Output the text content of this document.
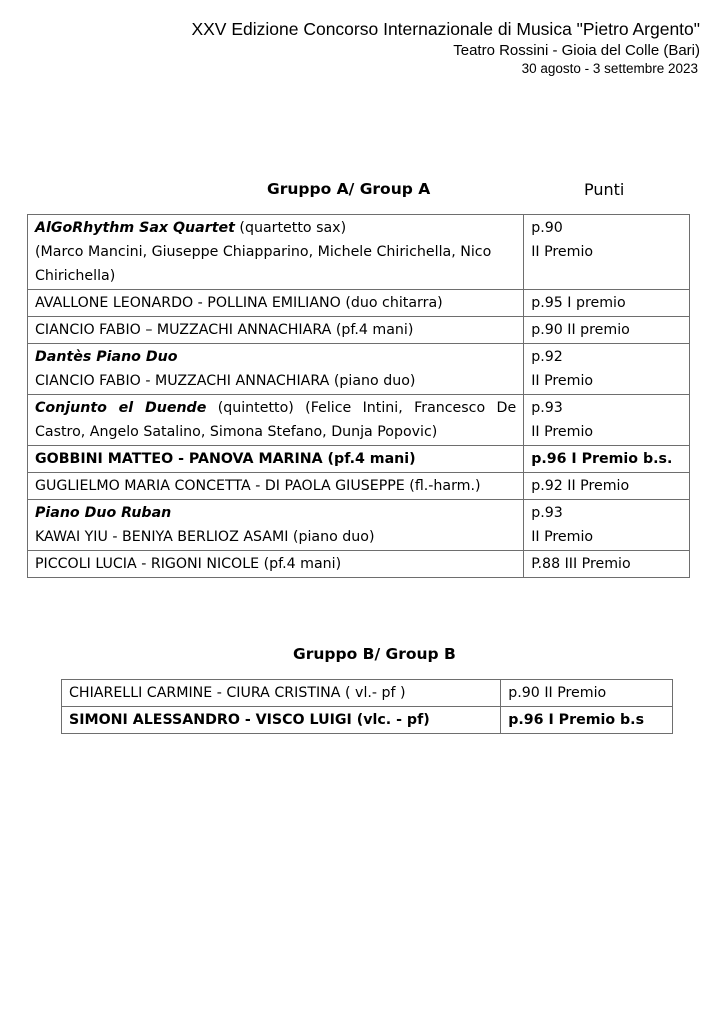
XXV Edizione Concorso Internazionale di Musica "Pietro Argento"
Teatro Rossini - Gioia del Colle (Bari)
30 agosto - 3 settembre 2023
Gruppo A/ Group A	Punti
AlGoRhythm Sax Quartet (quartetto sax)
(Marco Mancini, Giuseppe Chiapparino, Michele Chirichella, Nico Chirichella)	p.90
II Premio

AVALLONE LEONARDO - POLLINA EMILIANO (duo chitarra)	p.95 I premio
CIANCIO FABIO – MUZZACHI ANNACHIARA (pf.4 mani)	p.90 II premio

Dantès Piano Duo
CIANCIO FABIO - MUZZACHI ANNACHIARA (piano duo)	p.92
II Premio

Conjunto el Duende (quintetto) (Felice Intini, Francesco De Castro, Angelo Satalino, Simona Stefano, Dunja Popovic)	p.93
II Premio

GOBBINI MATTEO - PANOVA MARINA (pf.4 mani)	p.96 I Premio b.s.
GUGLIELMO MARIA CONCETTA - DI PAOLA GIUSEPPE (fl.-harm.)	p.92 II Premio

Piano Duo Ruban
KAWAI YIU - BENIYA BERLIOZ ASAMI (piano duo)	p.93
II Premio

PICCOLI LUCIA - RIGONI NICOLE (pf.4 mani)	P.88 III Premio
Gruppo B/ Group B
CHIARELLI CARMINE - CIURA CRISTINA ( vl.- pf )	p.90 II Premio
SIMONI ALESSANDRO - VISCO LUIGI (vlc. - pf)	p.96 I Premio b.s
